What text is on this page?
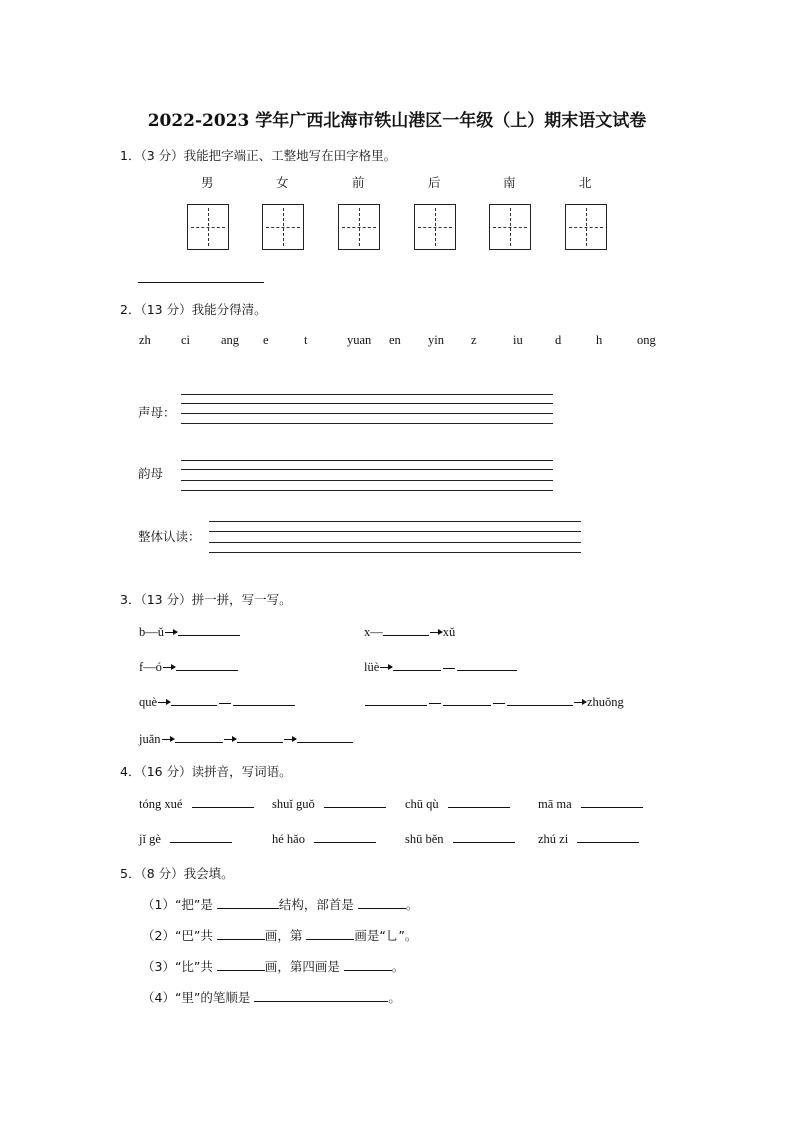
2022-2023 学年广西北海市铁山港区一年级（上）期末语文试卷
1．（3 分）我能把字端正、工整地写在田字格里。
男	女	前	后	南	北
2．（13 分）我能分得清。
zh ci ang e	t	yuan en yin z	iu	d	h	ong
声母：
韵母
整体认读：
3．（13 分）拼一拼，写一写。
b—ǔ	x—	xǔ
f—ó	lüè
què	zhuǒng
juǎn
4．（16 分）读拼音，写词语。
tóng xué	shuǐ guǒ	chū qù	mā ma
jǐ gè	hé hǎo	shū běn	zhú zi
5．（8 分）我会填。
（1）“把”是	结构，部首是	。
（2）“巴”共	画，第	画是“乚”。
（3）“比”共	画，第四画是	。
（4）“里”的笔顺是	。
